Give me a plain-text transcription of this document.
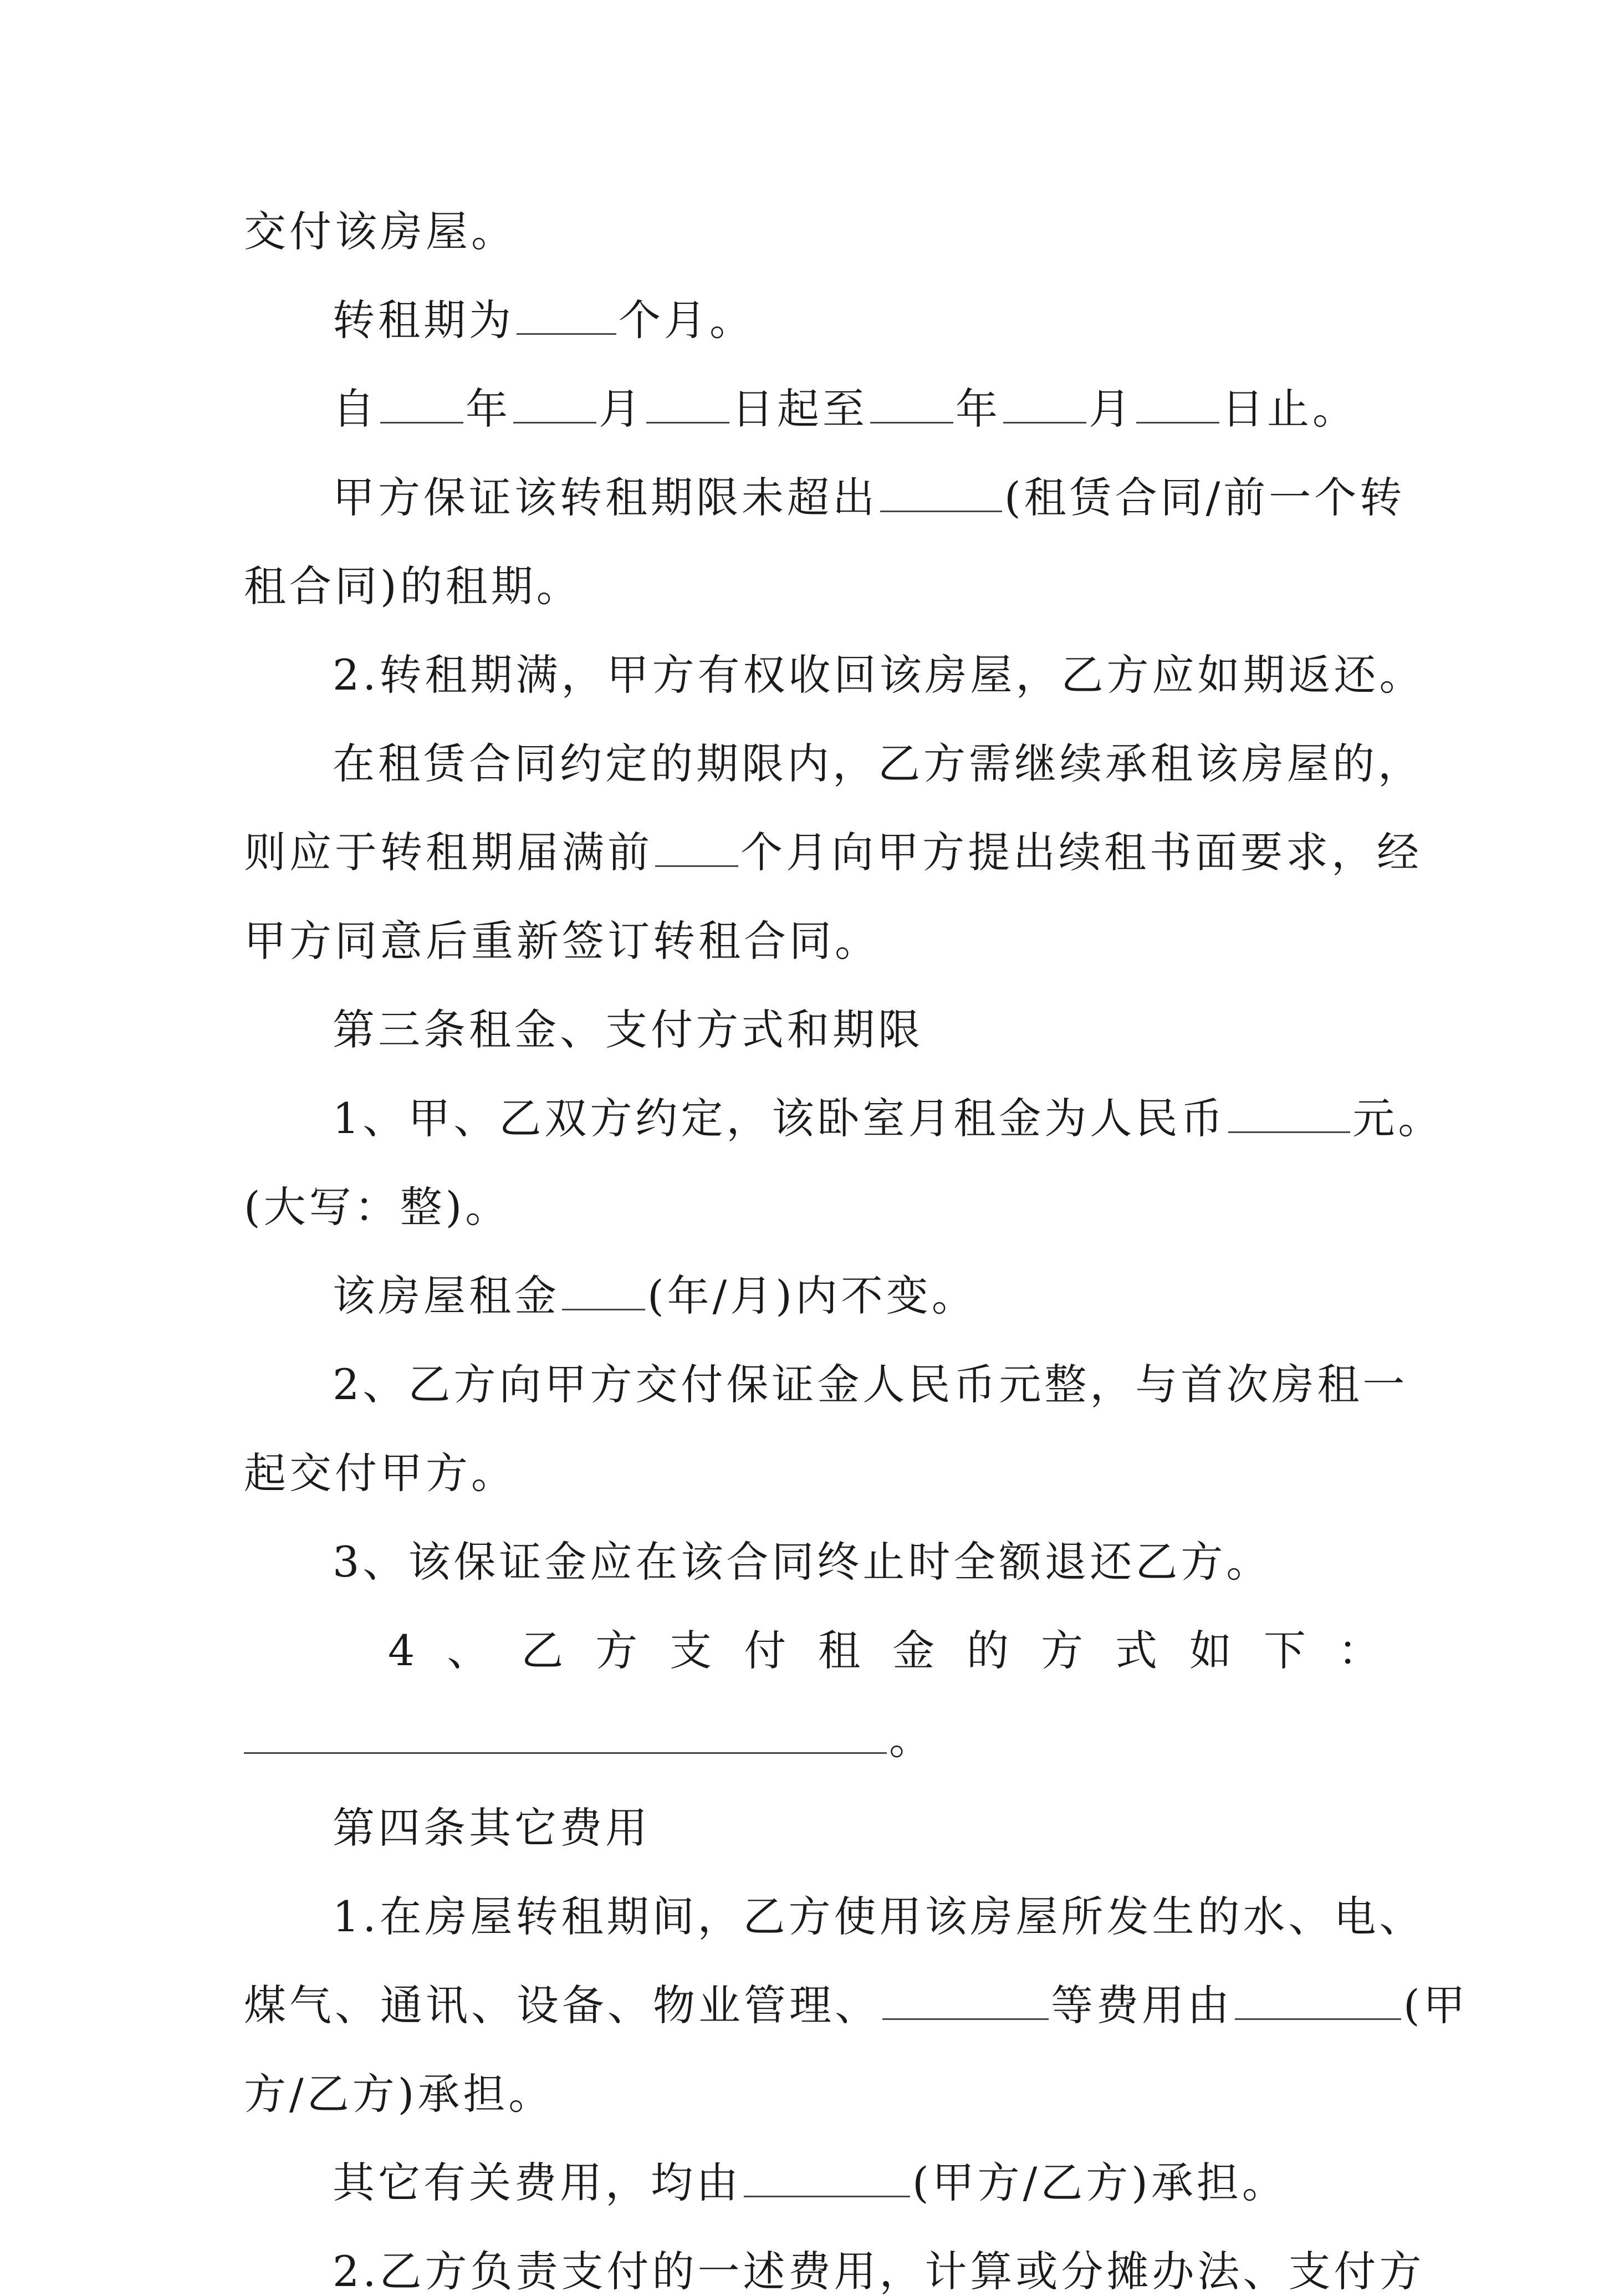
交付该房屋。
转租期为 个月。
自 年 月 日起至 年 月 日止。
甲方保证该转租期限未超出	(租赁合同/前一个转
租合同)的租期。
2.转租期满，甲方有权收回该房屋，乙方应如期返还。
在租赁合同约定的期限内，乙方需继续承租该房屋的，
则应于转租期届满前 个月向甲方提出续租书面要求，经
甲方同意后重新签订转租合同。
第三条租金、支付方式和期限
1、甲、乙双方约定，该卧室月租金为人民币	元。
(大写：整)。
该房屋租金 (年/月)内不变。
2、乙方向甲方交付保证金人民币元整，与首次房租一
起交付甲方。
3、该保证金应在该合同终止时全额退还乙方。
4 、 乙 方 支 付 租 金 的 方 式 如 下 ：
。
第四条其它费用
1.在房屋转租期间，乙方使用该房屋所发生的水、电、
煤气、通讯、设备、物业管理、	等费用由	(甲
方/乙方)承担。
其它有关费用，均由	(甲方/乙方)承担。
2.乙方负责支付的一述费用，计算或分摊办法、支付方
